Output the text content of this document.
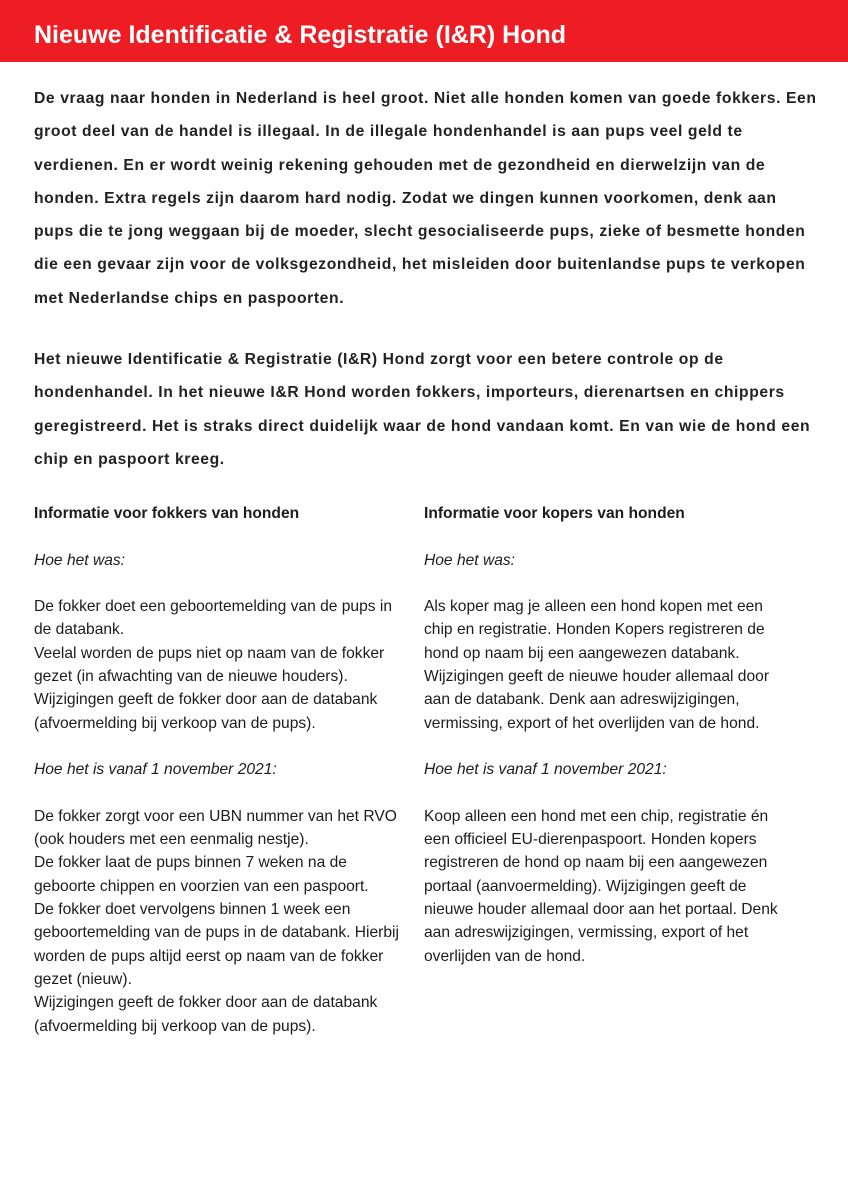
Nieuwe Identificatie & Registratie (I&R) Hond

De vraag naar honden in Nederland is heel groot. Niet alle honden komen van goede fokkers. Een groot deel van de handel is illegaal. In de illegale hondenhandel is aan pups veel geld te verdienen. En er wordt weinig rekening gehouden met de gezondheid en dierwelzijn van de honden. Extra regels zijn daarom hard nodig. Zodat we dingen kunnen voorkomen, denk aan pups die te jong weggaan bij de moeder, slecht gesocialiseerde pups, zieke of besmette honden die een gevaar zijn voor de volksgezondheid, het misleiden door buitenlandse pups te verkopen met Nederlandse chips en paspoorten.

Het nieuwe Identificatie & Registratie (I&R) Hond zorgt voor een betere controle op de hondenhandel. In het nieuwe I&R Hond worden fokkers, importeurs, dierenartsen en chippers geregistreerd. Het is straks direct duidelijk waar de hond vandaan komt. En van wie de hond een chip en paspoort kreeg.

Informatie voor fokkers van honden

Hoe het was:

De fokker doet een geboortemelding van de pups in de databank.

Veelal worden de pups niet op naam van de fokker gezet (in afwachting van de nieuwe houders).

Wijzigingen geeft de fokker door aan de databank (afvoermelding bij verkoop van de pups).

Hoe het is vanaf 1 november 2021:

De fokker zorgt voor een UBN nummer van het RVO (ook houders met een eenmalig nestje).

De fokker laat de pups binnen 7 weken na de geboorte chippen en voorzien van een paspoort.

De fokker doet vervolgens binnen 1 week een geboortemelding van de pups in de databank. Hierbij worden de pups altijd eerst op naam van de fokker gezet (nieuw).

Wijzigingen geeft de fokker door aan de databank (afvoermelding bij verkoop van de pups).

Informatie voor kopers van honden

Hoe het was:

Als koper mag je alleen een hond kopen met een chip en registratie. Honden Kopers registreren de hond op naam bij een aangewezen databank. Wijzigingen geeft de nieuwe houder allemaal door aan de databank. Denk aan adreswijzigingen, vermissing, export of het overlijden van de hond.

Hoe het is vanaf 1 november 2021:

Koop alleen een hond met een chip, registratie én een officieel EU-dierenpaspoort. Honden kopers registreren de hond op naam bij een aangewezen portaal (aanvoermelding). Wijzigingen geeft de nieuwe houder allemaal door aan het portaal. Denk aan adreswijzigingen, vermissing, export of het overlijden van de hond.
